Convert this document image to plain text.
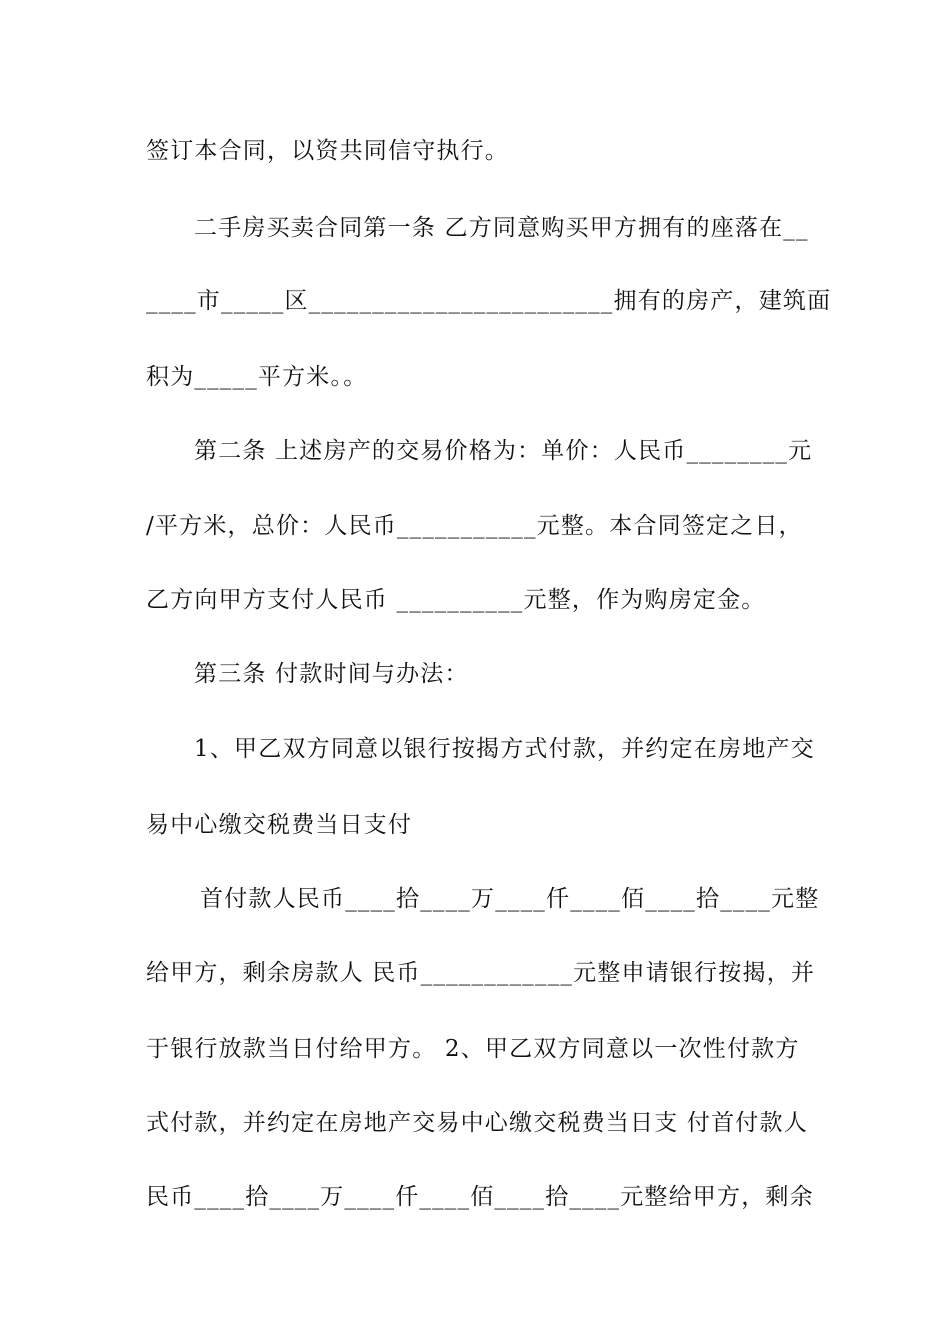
签订本合同，以资共同信守执行。
二手房买卖合同第一条 乙方同意购买甲方拥有的座落在__
____市_____区________________________拥有的房产，建筑面
积为_____平方米。。
第二条 上述房产的交易价格为：单价：人民币________元
/平方米，总价：人民币___________元整。本合同签定之日，
乙方向甲方支付人民币 __________元整，作为购房定金。
第三条 付款时间与办法：
1、甲乙双方同意以银行按揭方式付款，并约定在房地产交
易中心缴交税费当日支付
首付款人民币____拾____万____仟____佰____拾____元整
给甲方，剩余房款人 民币____________元整申请银行按揭，并
于银行放款当日付给甲方。 2、甲乙双方同意以一次性付款方
式付款，并约定在房地产交易中心缴交税费当日支 付首付款人
民币____拾____万____仟____佰____拾____元整给甲方，剩余
